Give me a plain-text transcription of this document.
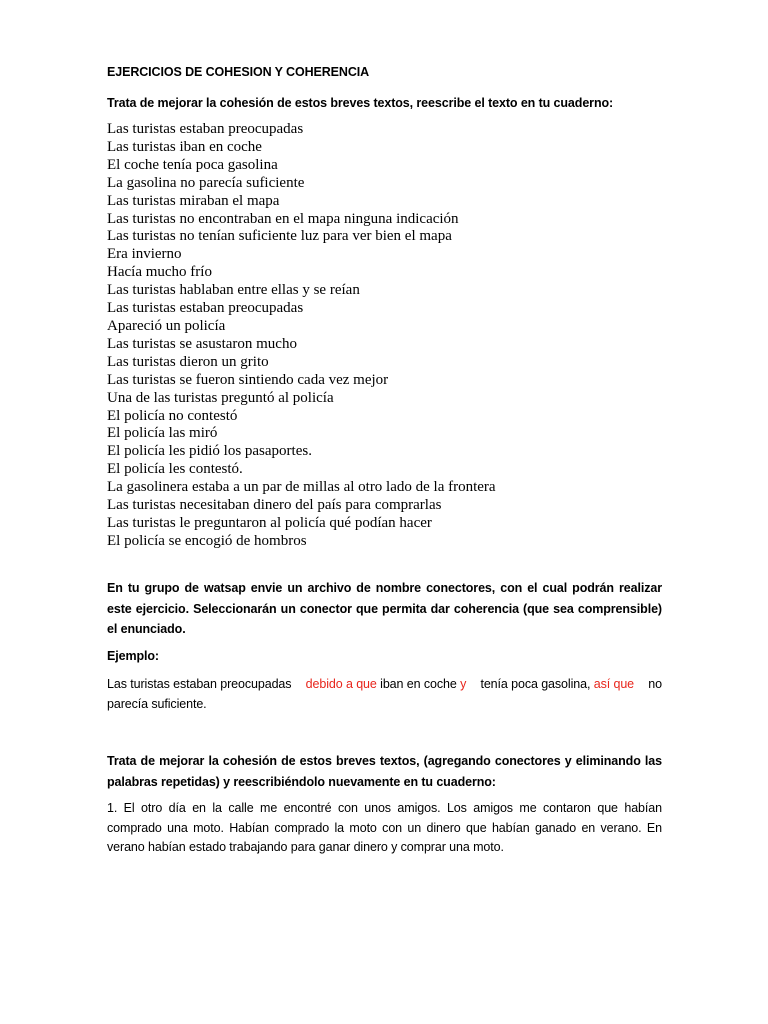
EJERCICIOS DE COHESION Y COHERENCIA
Trata de mejorar la cohesión de estos breves textos, reescribe el texto en tu cuaderno:
Las turistas estaban preocupadas
Las turistas iban en coche
El coche tenía poca gasolina
La gasolina no parecía suficiente
Las turistas miraban el mapa
Las turistas no encontraban en el mapa ninguna indicación
Las turistas no tenían suficiente luz para ver bien el mapa
Era invierno
Hacía mucho frío
Las turistas hablaban entre ellas y se reían
Las turistas estaban preocupadas
Apareció un policía
Las turistas se asustaron mucho
Las turistas dieron un grito
Las turistas se fueron sintiendo cada vez mejor
Una de las turistas preguntó al policía
El policía no contestó
El policía las miró
El policía les pidió los pasaportes.
El policía les contestó.
La gasolinera estaba a un par de millas al otro lado de la frontera
Las turistas necesitaban dinero del país para comprarlas
Las turistas le preguntaron al policía qué podían hacer
El policía se encogió de hombros
En tu grupo de watsap envie un archivo de nombre conectores, con el cual podrán realizar este ejercicio. Seleccionarán un conector que permita dar coherencia (que sea comprensible) el enunciado.
Ejemplo:
Las turistas estaban preocupadas debido a que iban en coche y tenía poca gasolina, así que no
parecía suficiente.
Trata de mejorar la cohesión de estos breves textos, (agregando conectores y eliminando las palabras repetidas) y reescribiéndolo nuevamente en tu cuaderno:
1. El otro día en la calle me encontré con unos amigos. Los amigos me contaron que habían comprado una moto. Habían comprado la moto con un dinero que habían ganado en verano. En verano habían estado trabajando para ganar dinero y comprar una moto.
